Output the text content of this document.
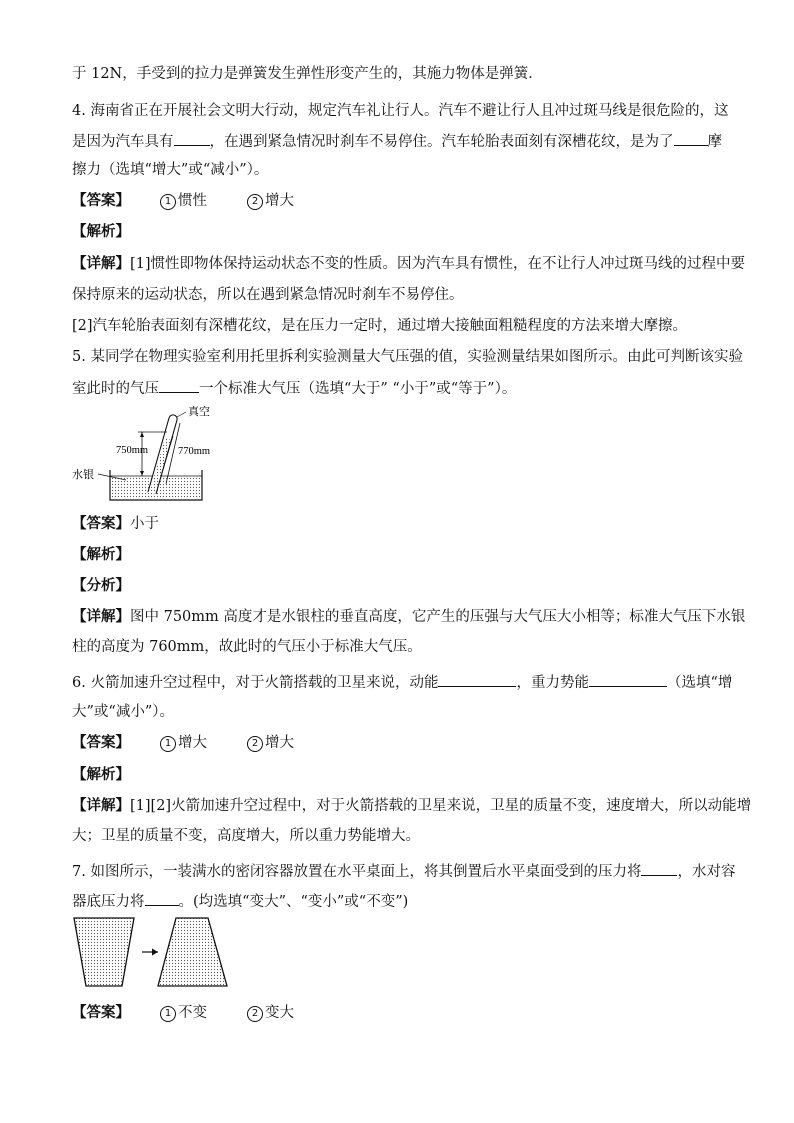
于 12N，手受到的拉力是弹簧发生弹性形变产生的，其施力物体是弹簧．
4. 海南省正在开展社会文明大行动，规定汽车礼让行人。汽车不避让行人且冲过斑马线是很危险的，这
是因为汽车具有 ，在遇到紧急情况时刹车不易停住。汽车轮胎表面刻有深槽花纹，是为了 摩
擦力（选填“增大”或“减小”）。
【答案】	1 惯性	2 增大
【解析】
【详解】[1]惯性即物体保持运动状态不变的性质。因为汽车具有惯性，在不让行人冲过斑马线的过程中要
保持原来的运动状态，所以在遇到紧急情况时刹车不易停住。
[2]汽车轮胎表面刻有深槽花纹，是在压力一定时，通过增大接触面粗糙程度的方法来增大摩擦。
5. 某同学在物理实验室利用托里拆利实验测量大气压强的值，实验测量结果如图所示。由此可判断该实验
室此时的气压	一个标准大气压（选填“大于” “小于”或“等于”）。
真空
750mm	770mm
水银
【答案】小于
【解析】
【分析】
【详解】图中 750mm 高度才是水银柱的垂直高度，它产生的压强与大气压大小相等；标准大气压下水银
柱的高度为 760mm，故此时的气压小于标准大气压。
6. 火箭加速升空过程中，对于火箭搭载的卫星来说，动能	，重力势能	（选填“增
大”或“减小”）。
【答案】	1 增大	2 增大
【解析】
【详解】[1][2]火箭加速升空过程中，对于火箭搭载的卫星来说，卫星的质量不变，速度增大，所以动能增
大；卫星的质量不变，高度增大，所以重力势能增大。
7. 如图所示，一装满水的密闭容器放置在水平桌面上，将其倒置后水平桌面受到的压力将 ，水对容
器底压力将 。(均选填“变大”、“变小”或“不变”)
【答案】	1 不变	2 变大
